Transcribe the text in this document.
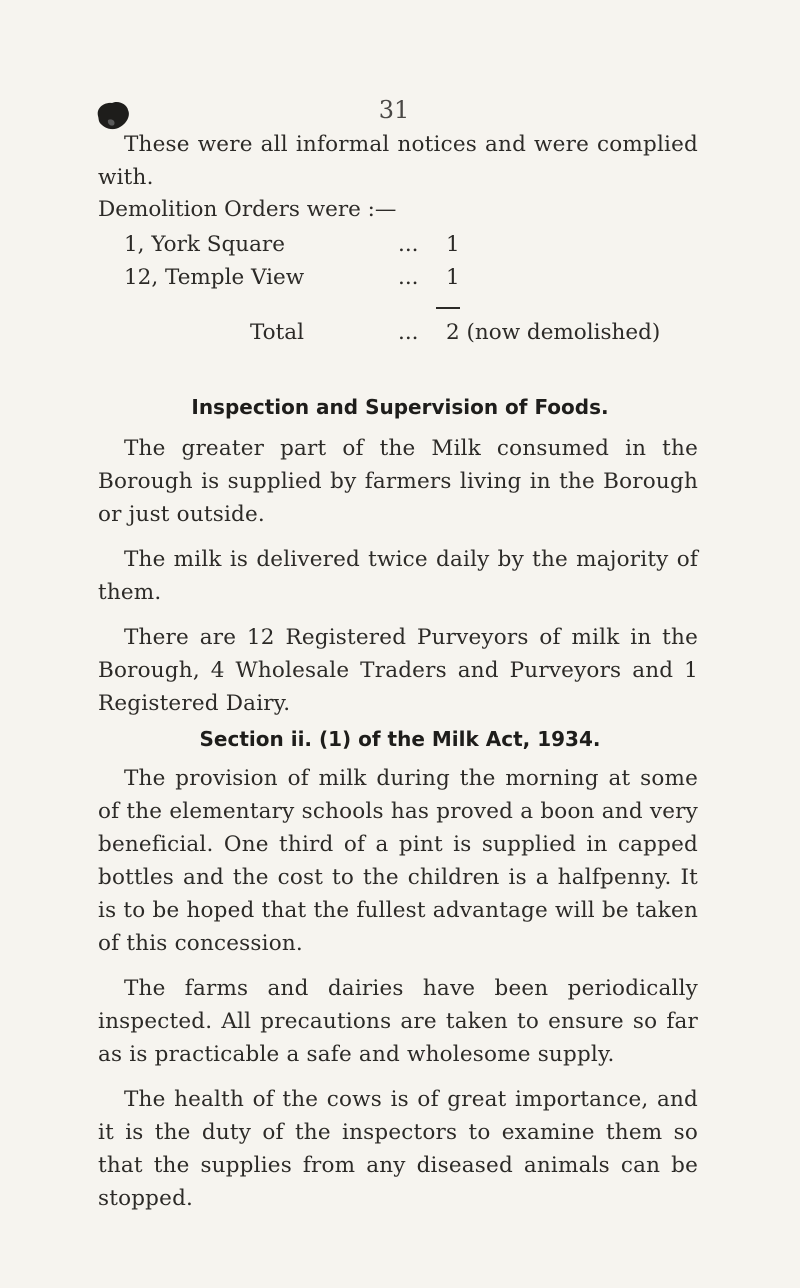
31

These were all informal notices and were complied with.

Demolition Orders were :—
1, York Square	... 1
12, Temple View	... 1
Total	... 2 (now demolished)
Inspection and Supervision of Foods.

The greater part of the Milk consumed in the Borough is supplied by farmers living in the Borough or just outside.

The milk is delivered twice daily by the majority of them.

There are 12 Registered Purveyors of milk in the Borough, 4 Wholesale Traders and Purveyors and 1 Registered Dairy.

Section ii. (1) of the Milk Act, 1934.

The provision of milk during the morning at some of the elementary schools has proved a boon and very beneficial. One third of a pint is supplied in capped bottles and the cost to the children is a halfpenny. It is to be hoped that the fullest advantage will be taken of this concession.

The farms and dairies have been periodically inspected. All precautions are taken to ensure so far as is practicable a safe and wholesome supply.

The health of the cows is of great importance, and it is the duty of the inspectors to examine them so that the supplies from any diseased animals can be stopped.
